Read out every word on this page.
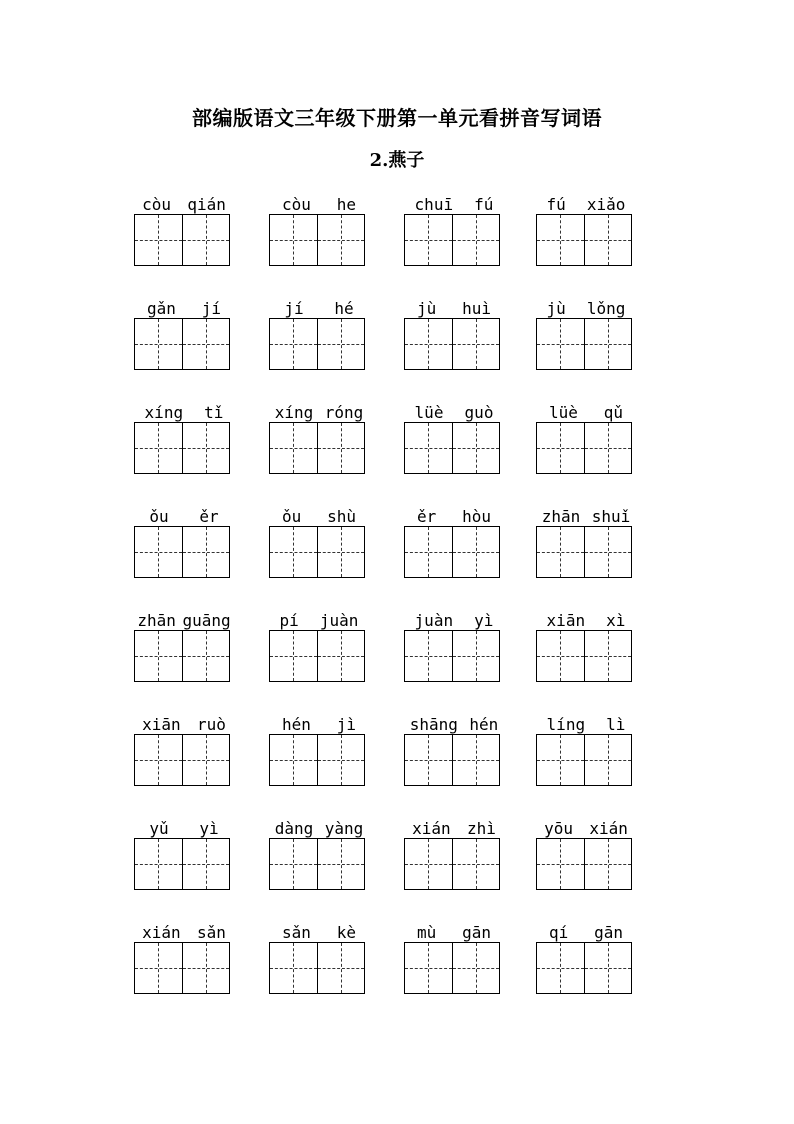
部编版语文三年级下册第一单元看拼音写词语
2.燕子
còu qián	còu he	chuī fú	fú xiǎo
gǎn jí	jí hé	jù huì	jù lǒng
xíng tǐ	xíng róng	lüè guò	lüè qǔ
ǒu ěr	ǒu shù	ěr hòu	zhān shuǐ
zhān guāng	pí juàn	juàn yì	xiān xì
xiān ruò	hén jì	shāng hén	líng lì
yǔ yì	dàng yàng	xián zhì	yōu xián
xián sǎn	sǎn kè	mù gān	qí gān
